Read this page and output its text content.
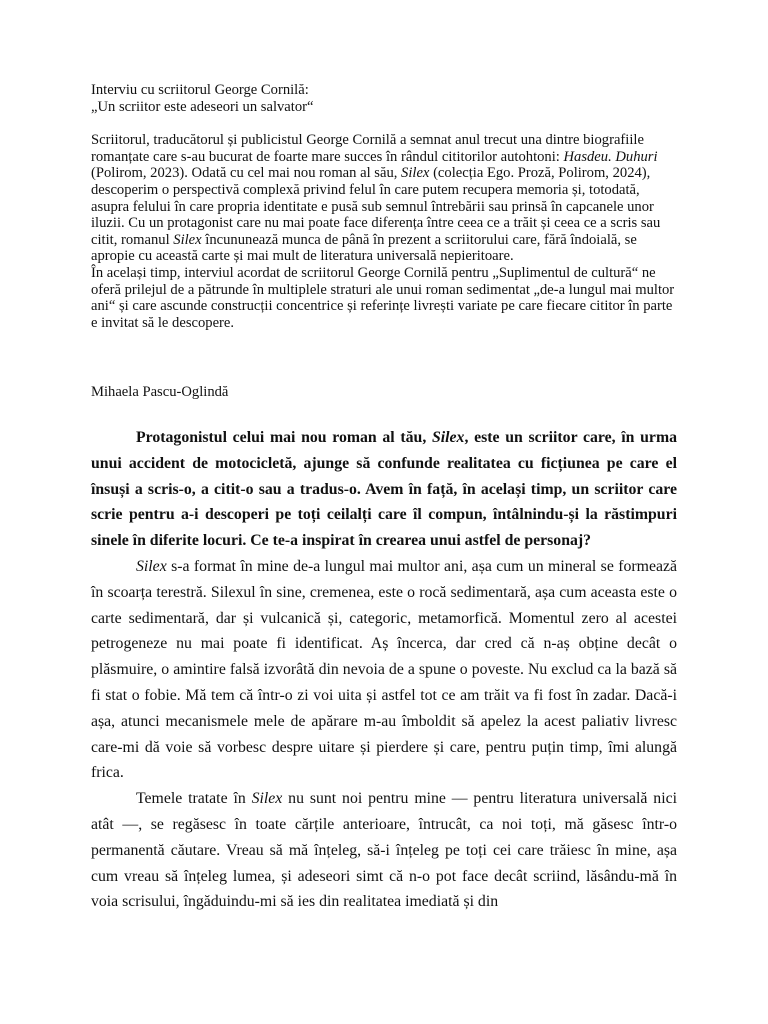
Interviu cu scriitorul George Cornilă:

„Un scriitor este adeseori un salvator“

Scriitorul, traducătorul și publicistul George Cornilă a semnat anul trecut una dintre biografiile romanțate care s-au bucurat de foarte mare succes în rândul cititorilor autohtoni: Hasdeu. Duhuri (Polirom, 2023). Odată cu cel mai nou roman al său, Silex (colecția Ego. Proză, Polirom, 2024), descoperim o perspectivă complexă privind felul în care putem recupera memoria și, totodată, asupra felului în care propria identitate e pusă sub semnul întrebării sau prinsă în capcanele unor iluzii. Cu un protagonist care nu mai poate face diferența între ceea ce a trăit și ceea ce a scris sau citit, romanul Silex încununează munca de până în prezent a scriitorului care, fără îndoială, se apropie cu această carte și mai mult de literatura universală nepieritoare.

În același timp, interviul acordat de scriitorul George Cornilă pentru „Suplimentul de cultură“ ne oferă prilejul de a pătrunde în multiplele straturi ale unui roman sedimentat „de-a lungul mai multor ani“ și care ascunde construcții concentrice și referințe livrești variate pe care fiecare cititor în parte e invitat să le descopere.

Mihaela Pascu-Oglindă

Protagonistul celui mai nou roman al tău, Silex, este un scriitor care, în urma unui accident de motocicletă, ajunge să confunde realitatea cu ficțiunea pe care el însuși a scris-o, a citit-o sau a tradus-o. Avem în față, în același timp, un scriitor care scrie pentru a-i descoperi pe toți ceilalți care îl compun, întâlnindu-și la răstimpuri sinele în diferite locuri. Ce te-a inspirat în crearea unui astfel de personaj?

Silex s-a format în mine de-a lungul mai multor ani, așa cum un mineral se formează în scoarța terestră. Silexul în sine, cremenea, este o rocă sedimentară, așa cum aceasta este o carte sedimentară, dar și vulcanică și, categoric, metamorfică. Momentul zero al acestei petrogeneze nu mai poate fi identificat. Aș încerca, dar cred că n-aș obține decât o plăsmuire, o amintire falsă izvorâtă din nevoia de a spune o poveste. Nu exclud ca la bază să fi stat o fobie. Mă tem că într-o zi voi uita și astfel tot ce am trăit va fi fost în zadar. Dacă-i așa, atunci mecanismele mele de apărare m-au îmboldit să apelez la acest paliativ livresc care-mi dă voie să vorbesc despre uitare și pierdere și care, pentru puțin timp, îmi alungă frica.

Temele tratate în Silex nu sunt noi pentru mine — pentru literatura universală nici atât —, se regăsesc în toate cărțile anterioare, întrucât, ca noi toți, mă găsesc într-o permanentă căutare. Vreau să mă înțeleg, să-i înțeleg pe toți cei care trăiesc în mine, așa cum vreau să înțeleg lumea, și adeseori simt că n-o pot face decât scriind, lăsându-mă în voia scrisului, îngăduindu-mi să ies din realitatea imediată și din
